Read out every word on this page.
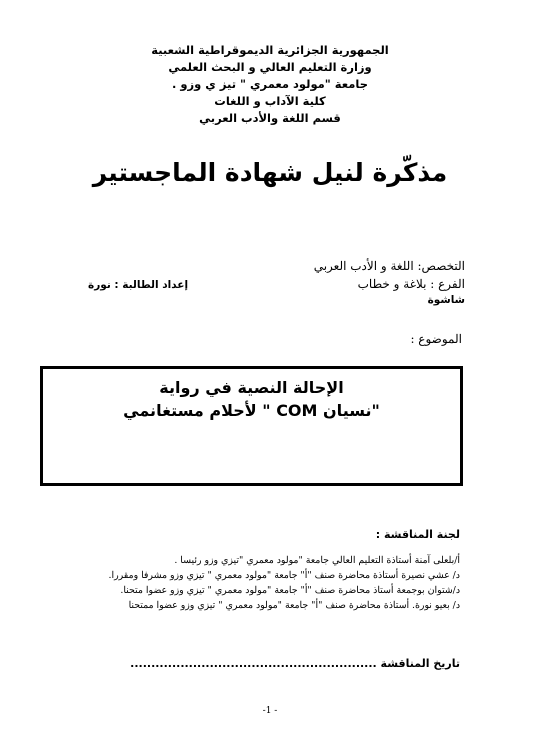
الجمهورية الجزائرية الديموقراطية الشعبية
وزارة التعليم العالي و البحث العلمي
جامعة "مولود معمري " تيز ي وزو .
كلية الآداب و اللغات
قسم اللغة والأدب العربي
مذكّرة لنيل شهادة الماجستير
التخصص: اللغة و الأدب العربي
الفرع : بلاغة و خطاب
إعداد الطالبة : نورة
شاشوة
الموضوع :
الإحالة النصية في رواية
"نسيان COM " لأحلام مستغانمي
لجنة المناقشة :
أ/بلعلى آمنة أستاذة التعليم العالي جامعة "مولود معمري "تيزي وزو رئيسا .
د/ عشي نصيرة أستاذة محاضرة صنف "أ" جامعة "مولود معمري " تيزي وزو مشرفا ومقررا.
د/شتوان بوجمعة أستاذ محاضرة صنف "أ" جامعة "مولود معمري " تيزي وزو عضوا متحنا.
د/ بعيو نورة. أستاذة محاضرة صنف "أ" جامعة "مولود معمري " تيزي وزو عضوا ممتحنا
تاريخ المناقشة ...........................................................
-1 -
